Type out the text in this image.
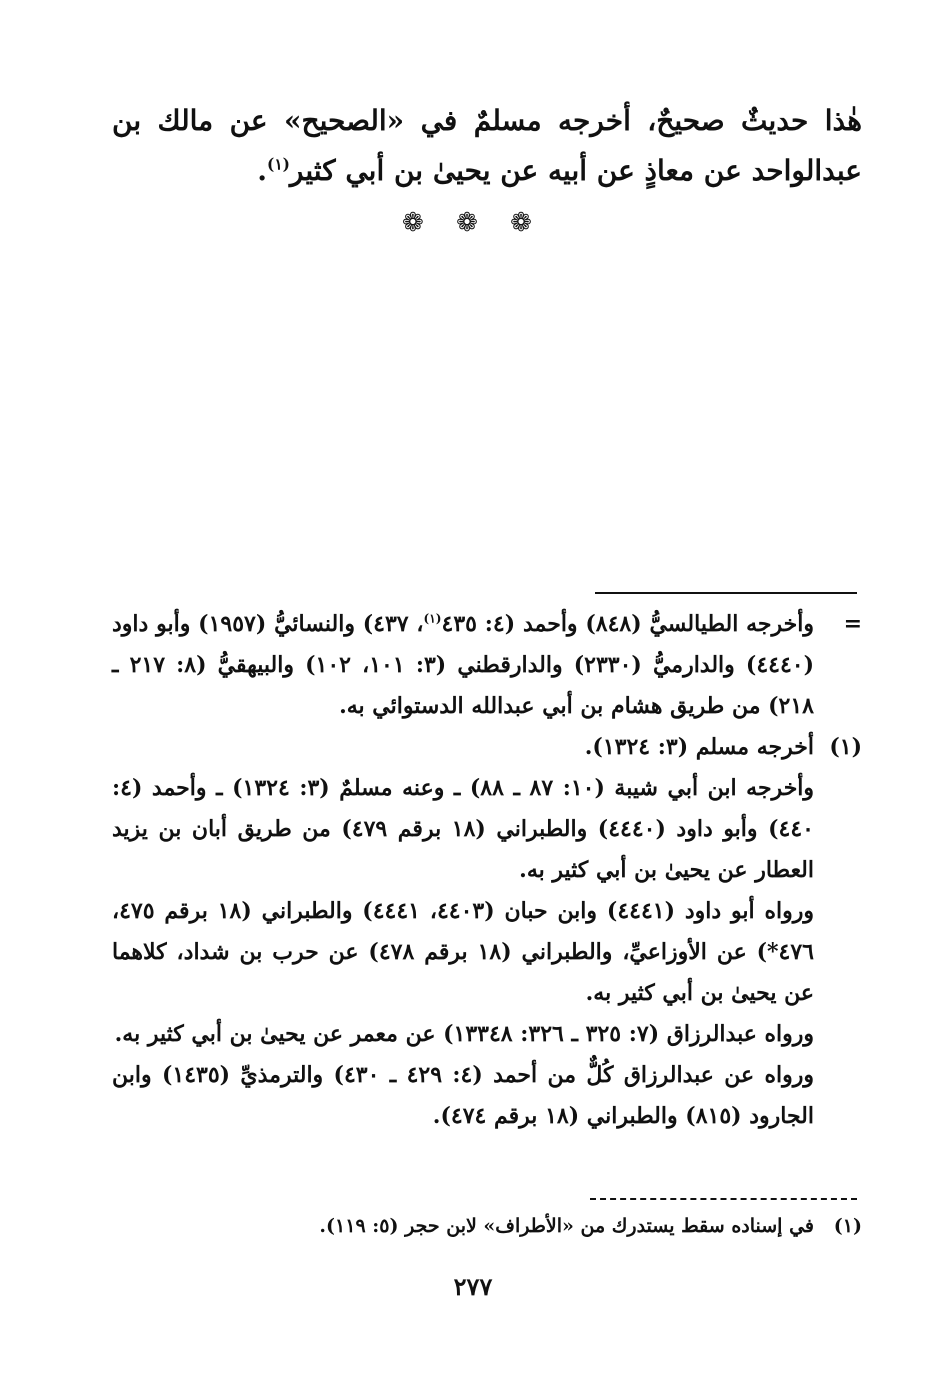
هٰذا حديثٌ صحيحٌ، أخرجه مسلمٌ في «الصحيح» عن مالك بن عبدالواحد عن معاذٍ عن أبيه عن يحيىٰ بن أبي كثير$^{(١)}$.
❁ ❁ ❁
=

وأخرجه الطيالسيُّ (٨٤٨) وأحمد (٤: ٤٣٥$^{(١)}$، ٤٣٧) والنسائيُّ (١٩٥٧) وأبو داود (٤٤٤٠) والدارميُّ (٢٣٣٠) والدارقطني (٣: ١٠١، ١٠٢) والبيهقيُّ (٨: ٢١٧ ـ ٢١٨) من طريق هشام بن أبي عبدالله الدستوائي به.

(١)

أخرجه مسلم (٣: ١٣٢٤).

وأخرجه ابن أبي شيبة (١٠: ٨٧ ـ ٨٨) ـ وعنه مسلمٌ (٣: ١٣٢٤) ـ وأحمد (٤: ٤٤٠) وأبو داود (٤٤٤٠) والطبراني (١٨ برقم ٤٧٩) من طريق أبان بن يزيد العطار عن يحيىٰ بن أبي كثير به.

ورواه أبو داود (٤٤٤١) وابن حبان (٤٤٠٣، ٤٤٤١) والطبراني (١٨ برقم ٤٧٥، ٤٧٦*) عن الأوزاعيِّ، والطبراني (١٨ برقم ٤٧٨) عن حرب بن شداد، كلاهما عن يحيىٰ بن أبي كثير به.

ورواه عبدالرزاق (٧: ٣٢٥ ـ ٣٢٦: ١٣٣٤٨) عن معمر عن يحيىٰ بن أبي كثير به.

ورواه عن عبدالرزاق كُلٌّ من أحمد (٤: ٤٢٩ ـ ٤٣٠) والترمذيِّ (١٤٣٥) وابن الجارود (٨١٥) والطبراني (١٨ برقم ٤٧٤).

(١)
في إسناده سقط يستدرك من «الأطراف» لابن حجر (٥: ١١٩).
٢٧٧
